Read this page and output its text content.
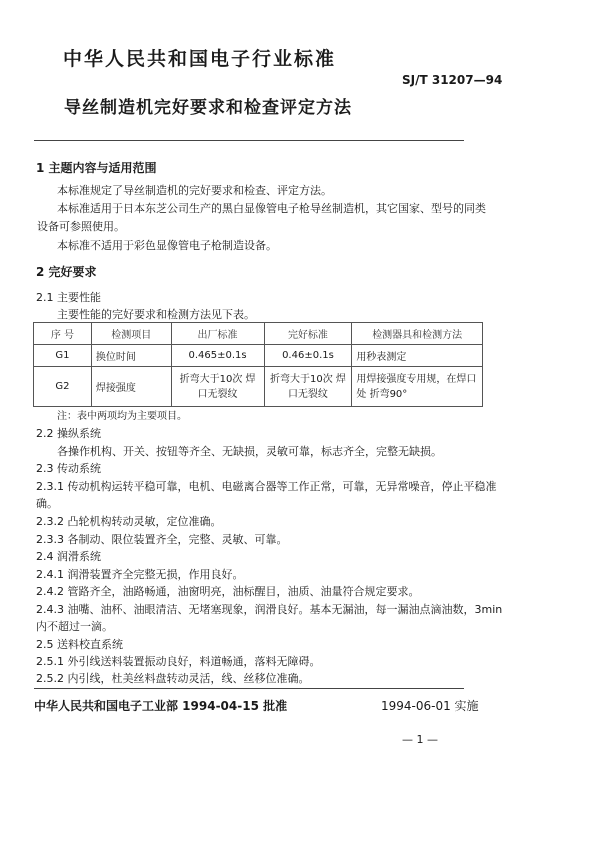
中华人民共和国电子行业标准
SJ/T 31207—94
导丝制造机完好要求和检查评定方法
1 主题内容与适用范围
本标准规定了导丝制造机的完好要求和检查、评定方法。
本标准适用于日本东芝公司生产的黑白显像管电子枪导丝制造机，其它国家、型号的同类
设备可参照使用。
本标准不适用于彩色显像管电子枪制造设备。
2 完好要求
2.1 主要性能
主要性能的完好要求和检测方法见下表。
序 号	检测项目	出厂标准	完好标准	检测器具和检测方法
G1	换位时间	0.465±0.1s	0.46±0.1s	用秒表测定
G2	焊接强度	折弯大于10次 焊口无裂纹	折弯大于10次 焊口无裂纹	用焊接强度专用规，在焊口处 折弯90°
注：表中两项均为主要项目。
2.2 操纵系统
各操作机构、开关、按钮等齐全、无缺损，灵敏可靠，标志齐全，完整无缺损。
2.3 传动系统
2.3.1 传动机构运转平稳可靠，电机、电磁离合器等工作正常，可靠，无异常噪音，停止平稳准
确。
2.3.2 凸轮机构转动灵敏，定位准确。
2.3.3 各制动、限位装置齐全，完整、灵敏、可靠。
2.4 润滑系统
2.4.1 润滑装置齐全完整无损，作用良好。
2.4.2 管路齐全，油路畅通，油窗明亮，油标醒目，油质、油量符合规定要求。
2.4.3 油嘴、油杯、油眼清洁、无堵塞现象，润滑良好。基本无漏油，每一漏油点滴油数，3min
内不超过一滴。
2.5 送料校直系统
2.5.1 外引线送料装置振动良好，料道畅通，落料无障碍。
2.5.2 内引线，杜美丝料盘转动灵活，线、丝移位准确。
中华人民共和国电子工业部 1994-04-15 批准	1994-06-01 实施
— 1 —
